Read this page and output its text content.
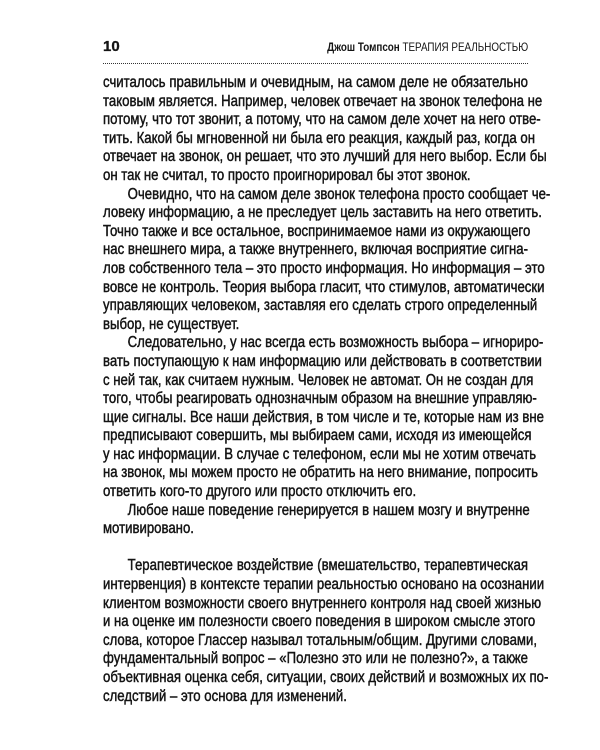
10	Джош Томпсон ТЕРАПИЯ РЕАЛЬНОСТЬЮ
считалось правильным и очевидным, на самом деле не обязательно
таковым является. Например, человек отвечает на звонок телефона не
потому, что тот звонит, а потому, что на самом деле хочет на него отве-
тить. Какой бы мгновенной ни была его реакция, каждый раз, когда он
отвечает на звонок, он решает, что это лучший для него выбор. Если бы
он так не считал, то просто проигнорировал бы этот звонок.
Очевидно, что на самом деле звонок телефона просто сообщает че-
ловеку информацию, а не преследует цель заставить на него ответить.
Точно также и все остальное, воспринимаемое нами из окружающего
нас внешнего мира, а также внутреннего, включая восприятие сигна-
лов собственного тела – это просто информация. Но информация – это
вовсе не контроль. Теория выбора гласит, что стимулов, автоматически
управляющих человеком, заставляя его сделать строго определенный
выбор, не существует.
Следовательно, у нас всегда есть возможность выбора – игнориро-
вать поступающую к нам информацию или действовать в соответствии
с ней так, как считаем нужным. Человек не автомат. Он не создан для
того, чтобы реагировать однозначным образом на внешние управляю-
щие сигналы. Все наши действия, в том числе и те, которые нам из вне
предписывают совершить, мы выбираем сами, исходя из имеющейся
у нас информации. В случае с телефоном, если мы не хотим отвечать
на звонок, мы можем просто не обратить на него внимание, попросить
ответить кого-то другого или просто отключить его.
Любое наше поведение генерируется в нашем мозгу и внутренне
мотивировано.
Терапевтическое воздействие (вмешательство, терапевтическая
интервенция) в контексте терапии реальностью основано на осознании
клиентом возможности своего внутреннего контроля над своей жизнью
и на оценке им полезности своего поведения в широком смысле этого
слова, которое Глассер называл тотальным/общим. Другими словами,
фундаментальный вопрос – «Полезно это или не полезно?», а также
объективная оценка себя, ситуации, своих действий и возможных их по-
следствий – это основа для изменений.
